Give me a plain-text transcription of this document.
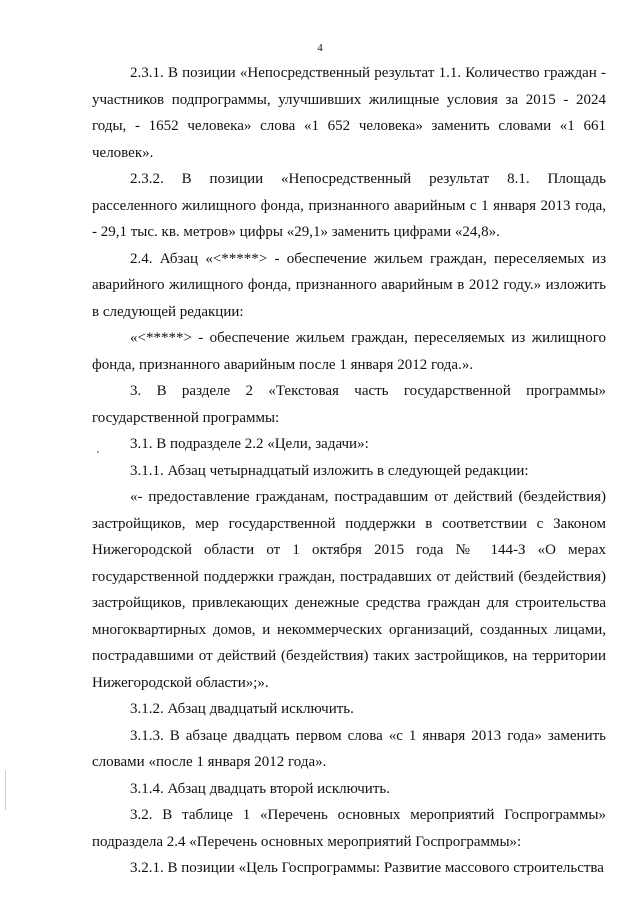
4

2.3.1. В позиции «Непосредственный результат 1.1. Количество граждан - участников подпрограммы, улучшивших жилищные условия за 2015 - 2024 годы, - 1652 человека» слова «1 652 человека» заменить словами «1 661 человек».

2.3.2. В позиции «Непосредственный результат 8.1. Площадь расселенного жилищного фонда, признанного аварийным с 1 января 2013 года, - 29,1 тыс. кв. метров» цифры «29,1» заменить цифрами «24,8».

2.4. Абзац «<*****> - обеспечение жильем граждан, переселяемых из аварийного жилищного фонда, признанного аварийным в 2012 году.» изложить в следующей редакции:

«<*****> - обеспечение жильем граждан, переселяемых из жилищного фонда, признанного аварийным после 1 января 2012 года.».

3. В разделе 2 «Текстовая часть государственной программы» государственной программы:

3.1. В подразделе 2.2 «Цели, задачи»:

3.1.1. Абзац четырнадцатый изложить в следующей редакции:

«- предоставление гражданам, пострадавшим от действий (бездействия) застройщиков, мер государственной поддержки в соответствии с Законом Нижегородской области от 1 октября 2015 года № 144-З «О мерах государственной поддержки граждан, пострадавших от действий (бездействия) застройщиков, привлекающих денежные средства граждан для строительства многоквартирных домов, и некоммерческих организаций, созданных лицами, пострадавшими от действий (бездействия) таких застройщиков, на территории Нижегородской области»;».

3.1.2. Абзац двадцатый исключить.

3.1.3. В абзаце двадцать первом слова «с 1 января 2013 года» заменить словами «после 1 января 2012 года».

3.1.4. Абзац двадцать второй исключить.

3.2. В таблице 1 «Перечень основных мероприятий Госпрограммы» подраздела 2.4 «Перечень основных мероприятий Госпрограммы»:

3.2.1. В позиции «Цель Госпрограммы: Развитие массового строительства
